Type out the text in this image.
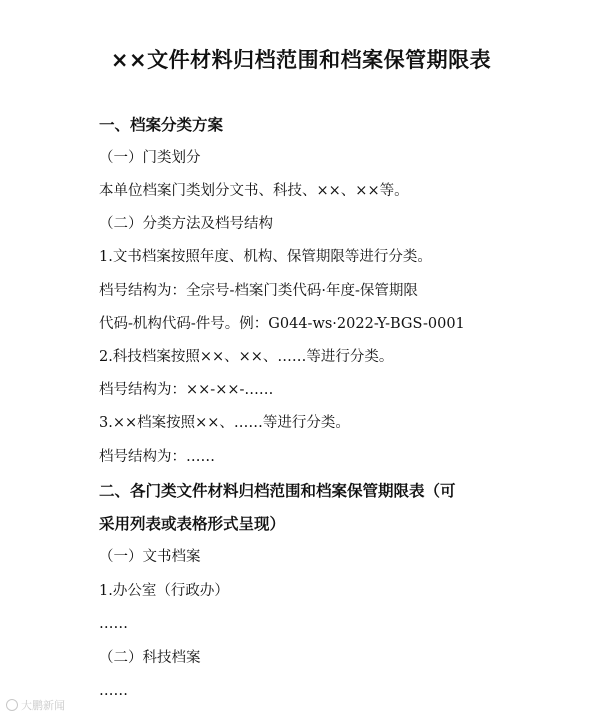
××文件材料归档范围和档案保管期限表
一、档案分类方案
（一）门类划分
本单位档案门类划分文书、科技、××、××等。
（二）分类方法及档号结构
1.文书档案按照年度、机构、保管期限等进行分类。
档号结构为：全宗号-档案门类代码·年度-保管期限
代码-机构代码-件号。例：G044-ws·2022-Y-BGS-0001
2.科技档案按照××、××、……等进行分类。
档号结构为：××-××-……
3.××档案按照××、……等进行分类。
档号结构为：……
二、各门类文件材料归档范围和档案保管期限表（可
采用列表或表格形式呈现）
（一）文书档案
1.办公室（行政办）
……
（二）科技档案
……
大鹏新闻
